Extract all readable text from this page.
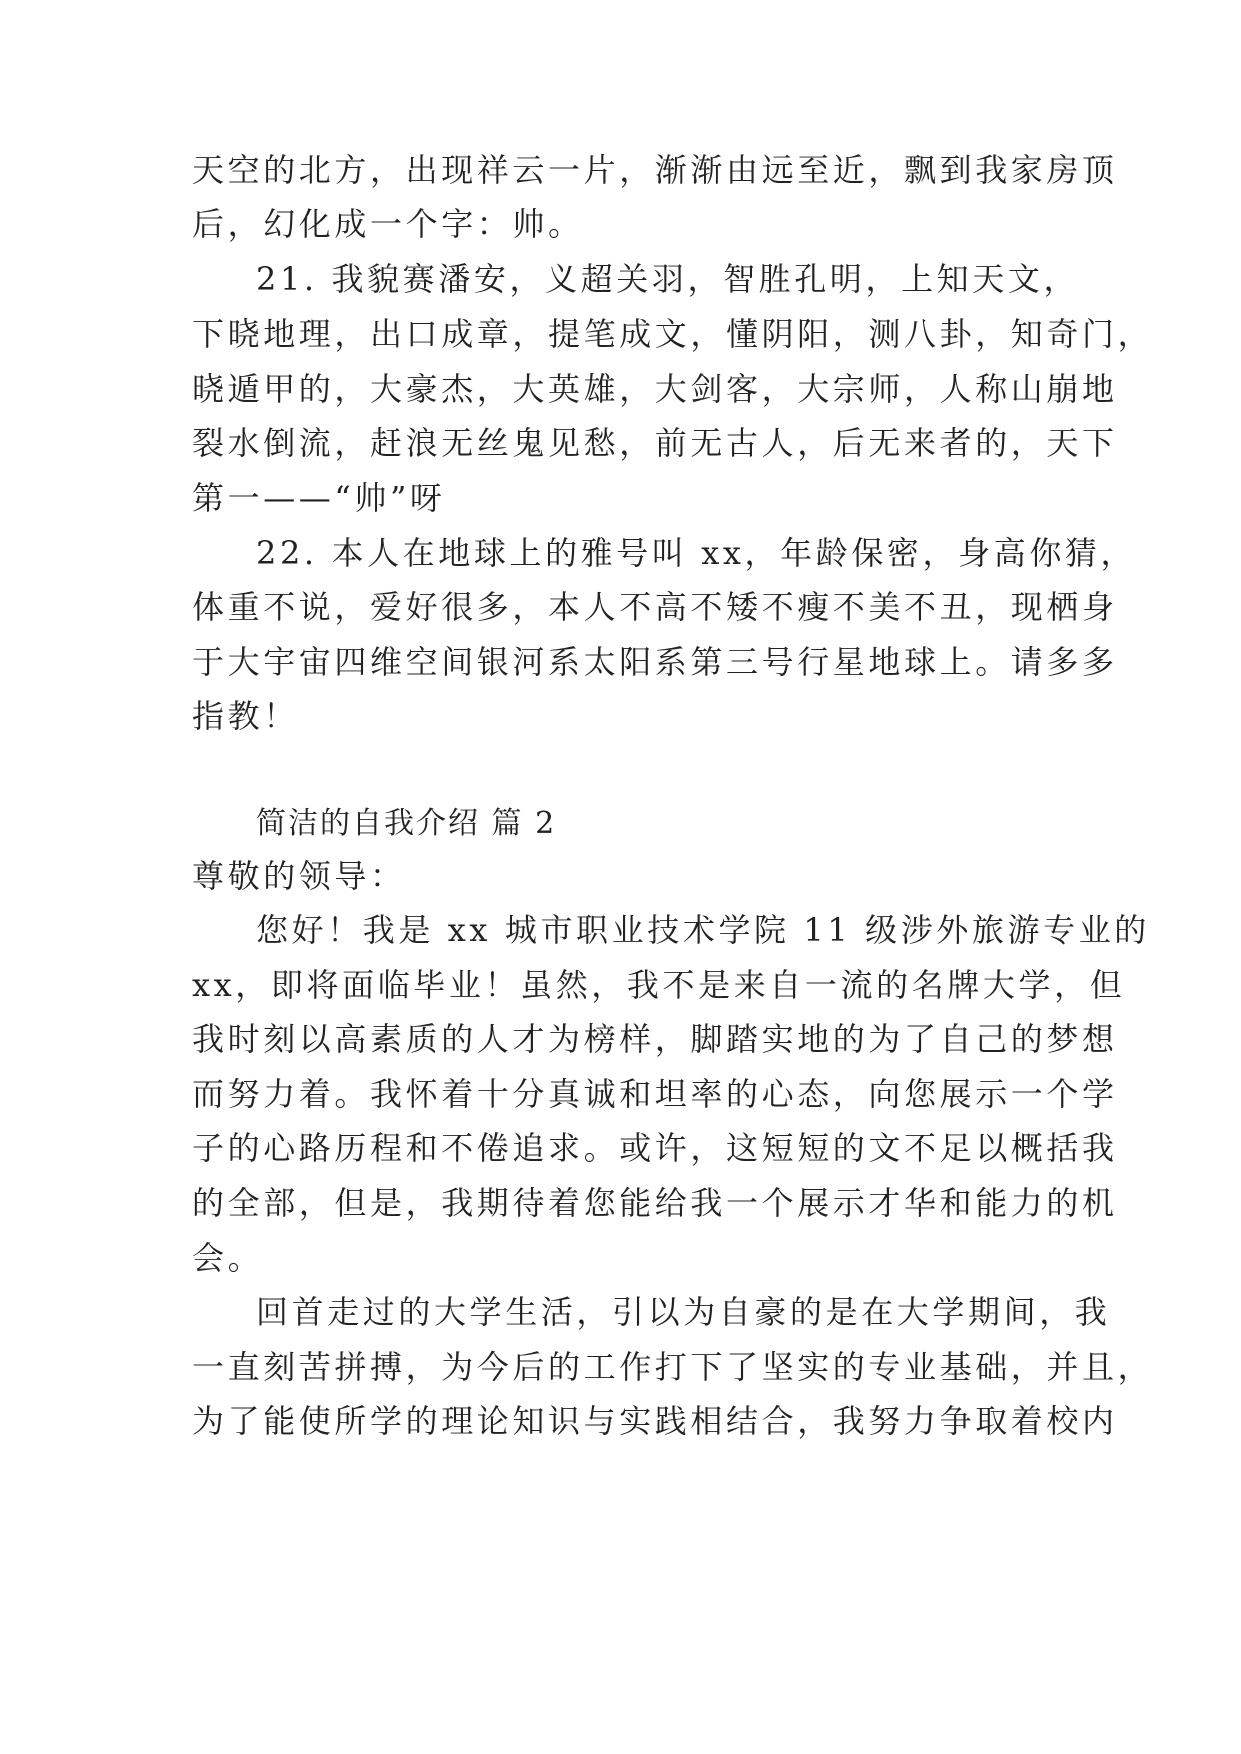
天空的北方，出现祥云一片，渐渐由远至近，飘到我家房顶
后，幻化成一个字：帅。
21. 我貌赛潘安，义超关羽，智胜孔明，上知天文，
下晓地理，出口成章，提笔成文，懂阴阳，测八卦，知奇门，
晓遁甲的，大豪杰，大英雄，大剑客，大宗师，人称山崩地
裂水倒流，赶浪无丝鬼见愁，前无古人，后无来者的，天下
第一——“帅”呀
22. 本人在地球上的雅号叫 xx，年龄保密，身高你猜，
体重不说，爱好很多，本人不高不矮不瘦不美不丑，现栖身
于大宇宙四维空间银河系太阳系第三号行星地球上。请多多
指教！
简洁的自我介绍 篇 2
尊敬的领导：
您好！我是 xx 城市职业技术学院 11 级涉外旅游专业的
xx，即将面临毕业！虽然，我不是来自一流的名牌大学，但
我时刻以高素质的人才为榜样，脚踏实地的为了自己的梦想
而努力着。我怀着十分真诚和坦率的心态，向您展示一个学
子的心路历程和不倦追求。或许，这短短的文不足以概括我
的全部，但是，我期待着您能给我一个展示才华和能力的机
会。
回首走过的大学生活，引以为自豪的是在大学期间，我
一直刻苦拼搏，为今后的工作打下了坚实的专业基础，并且，
为了能使所学的理论知识与实践相结合，我努力争取着校内
